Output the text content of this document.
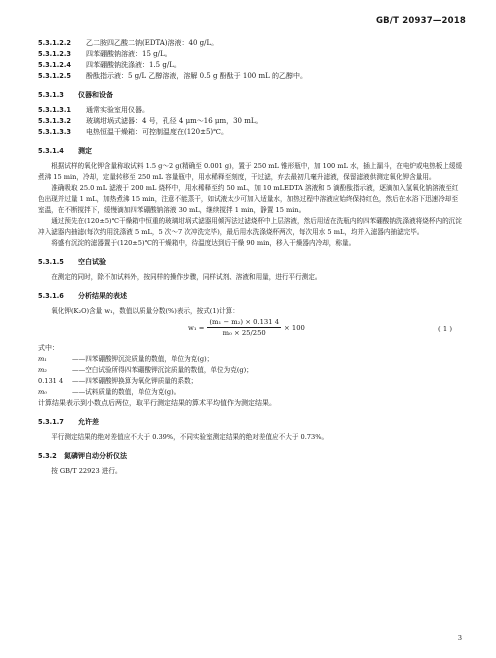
GB/T 20937—2018
5.3.1.2.2	乙二胺四乙酸二钠(EDTA)溶液：40 g/L。
5.3.1.2.3	四苯硼酸钠溶液：15 g/L。
5.3.1.2.4	四苯硼酸钠洗涤液：1.5 g/L。
5.3.1.2.5	酚酞指示液：5 g/L 乙醇溶液，溶解 0.5 g 酚酞于 100 mL 的乙醇中。
5.3.1.3	仪器和设备
5.3.1.3.1	通常实验室用仪器。
5.3.1.3.2	玻璃坩埚式滤器：4 号，孔径 4 μm～16 μm，30 mL。
5.3.1.3.3	电热恒温干燥箱：可控制温度在(120±5)℃。
5.3.1.4	测定

根据试样的氧化钾含量称取试料 1.5 g～2 g(精确至 0.001 g)，置于 250 mL 锥形瓶中，加 100 mL 水，插上漏斗，在电炉或电热板上缓缓煮沸 15 min，冷却，定量转移至 250 mL 容量瓶中，用水稀释至刻度，干过滤，弃去最初几毫升滤液，保留滤液供测定氧化钾含量用。

准确吸取 25.0 mL 滤液于 200 mL 烧杯中，用水稀释至约 50 mL，加 10 mLEDTA 溶液和 5 滴酚酞指示液，逐滴加入氢氧化钠溶液至红色出现并过量 1 mL，加热煮沸 15 min，注意不能蒸干，如试液太少可加入适量水，加热过程中溶液应始终保持红色，然后在水浴下迅速冷却至室温，在不断搅拌下，缓慢滴加四苯硼酸钠溶液 30 mL，继续搅拌 1 min，静置 15 min。

通过预先在(120±5)℃干燥箱中恒重的玻璃坩埚式滤器用倾泻法过滤烧杯中上层溶液，然后用适在洗瓶内的四苯硼酸钠洗涤液将烧杯内的沉淀冲入滤器内抽滤(每次约用洗涤液 5 mL，5 次～7 次冲洗完毕)，最后用水洗涤烧杯两次，每次用水 5 mL，均并入滤器内抽滤完毕。

将盛有沉淀的滤器置于(120±5)℃的干燥箱中，待温度达到后干燥 90 min，移入干燥器内冷却，称量。

5.3.1.5	空白试验

在测定的同时，除不加试料外，按同样的操作步骤，同样试剂、溶液和用量，进行平行测定。

5.3.1.6	分析结果的表述

氧化钾(K₂O)含量 w₁，数值以质量分数(%)表示，按式(1)计算：

$w_1 = \frac{\text{(m₁ − m₂) × 0.131 4}}{\text{m₀ × 25/250}} \times 100$	( 1 )
式中：
m₁	—— 四苯硼酸钾沉淀质量的数值，单位为克(g)；
m₂	—— 空白试验所得四苯硼酸钾沉淀质量的数值，单位为克(g)；
0.131 4	—— 四苯硼酸钾换算为氧化钾质量的系数；
m₀	—— 试料质量的数值，单位为克(g)。
计算结果表示到小数点后两位，取平行测定结果的算术平均值作为测定结果。
5.3.1.7	允许差

平行测定结果的绝对差值应不大于 0.39%，不同实验室测定结果的绝对差值应不大于 0.73%。

5.3.2	氮磷钾自动分析仪法

按 GB/T 22923 进行。

3
